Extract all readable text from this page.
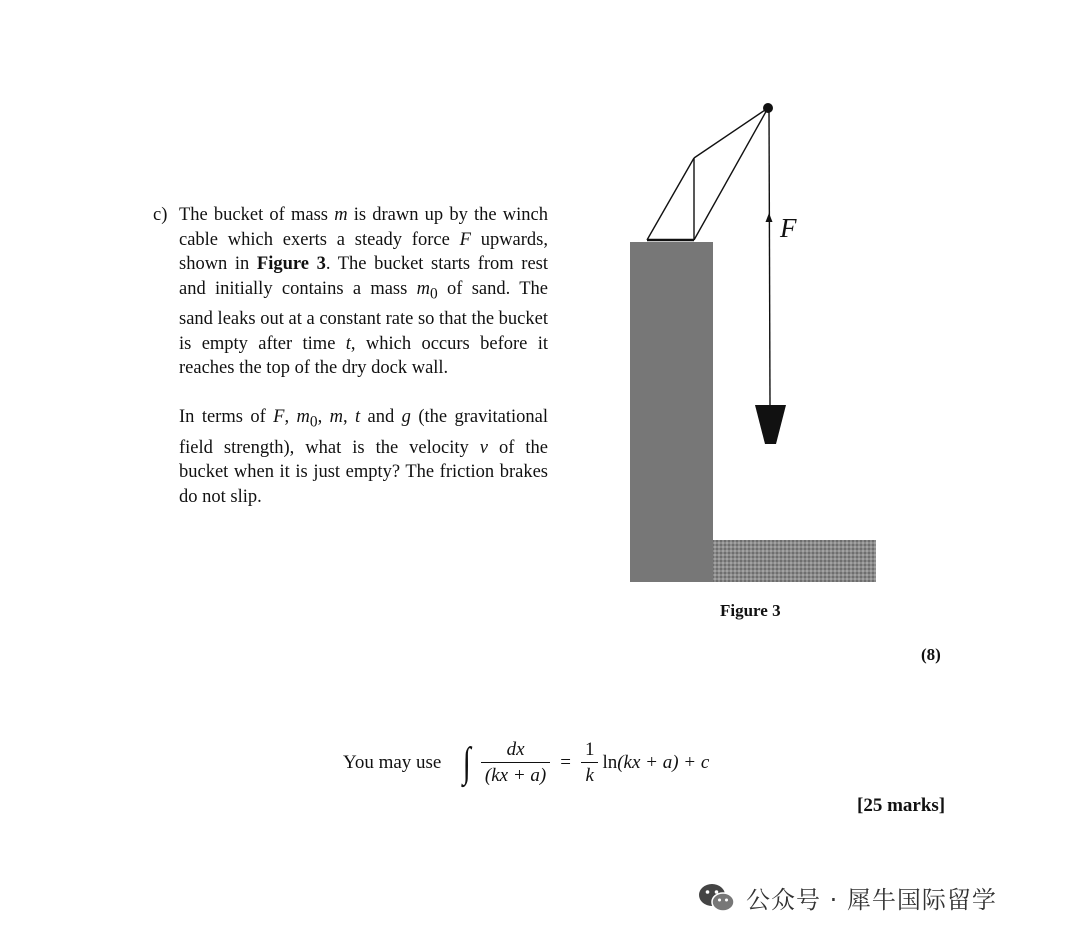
c) The bucket of mass m is drawn up by the winch cable which exerts a steady force F upwards, shown in Figure 3. The bucket starts from rest and initially contains a mass $m_0$ of sand. The sand leaks out at a constant rate so that the bucket is empty after time t, which occurs before it reaches the top of the dry dock wall.

In terms of F, $m_0$, m, t and g (the gravitational field strength), what is the velocity v of the bucket when it is just empty? The friction brakes do not slip.

F
Figure 3
(8)
You may use ∫ $\frac{dx}{(kx + a)} = \frac{1}{k}$ ln (kx + a) + c
[25 marks]
公众号 · 犀牛国际留学
